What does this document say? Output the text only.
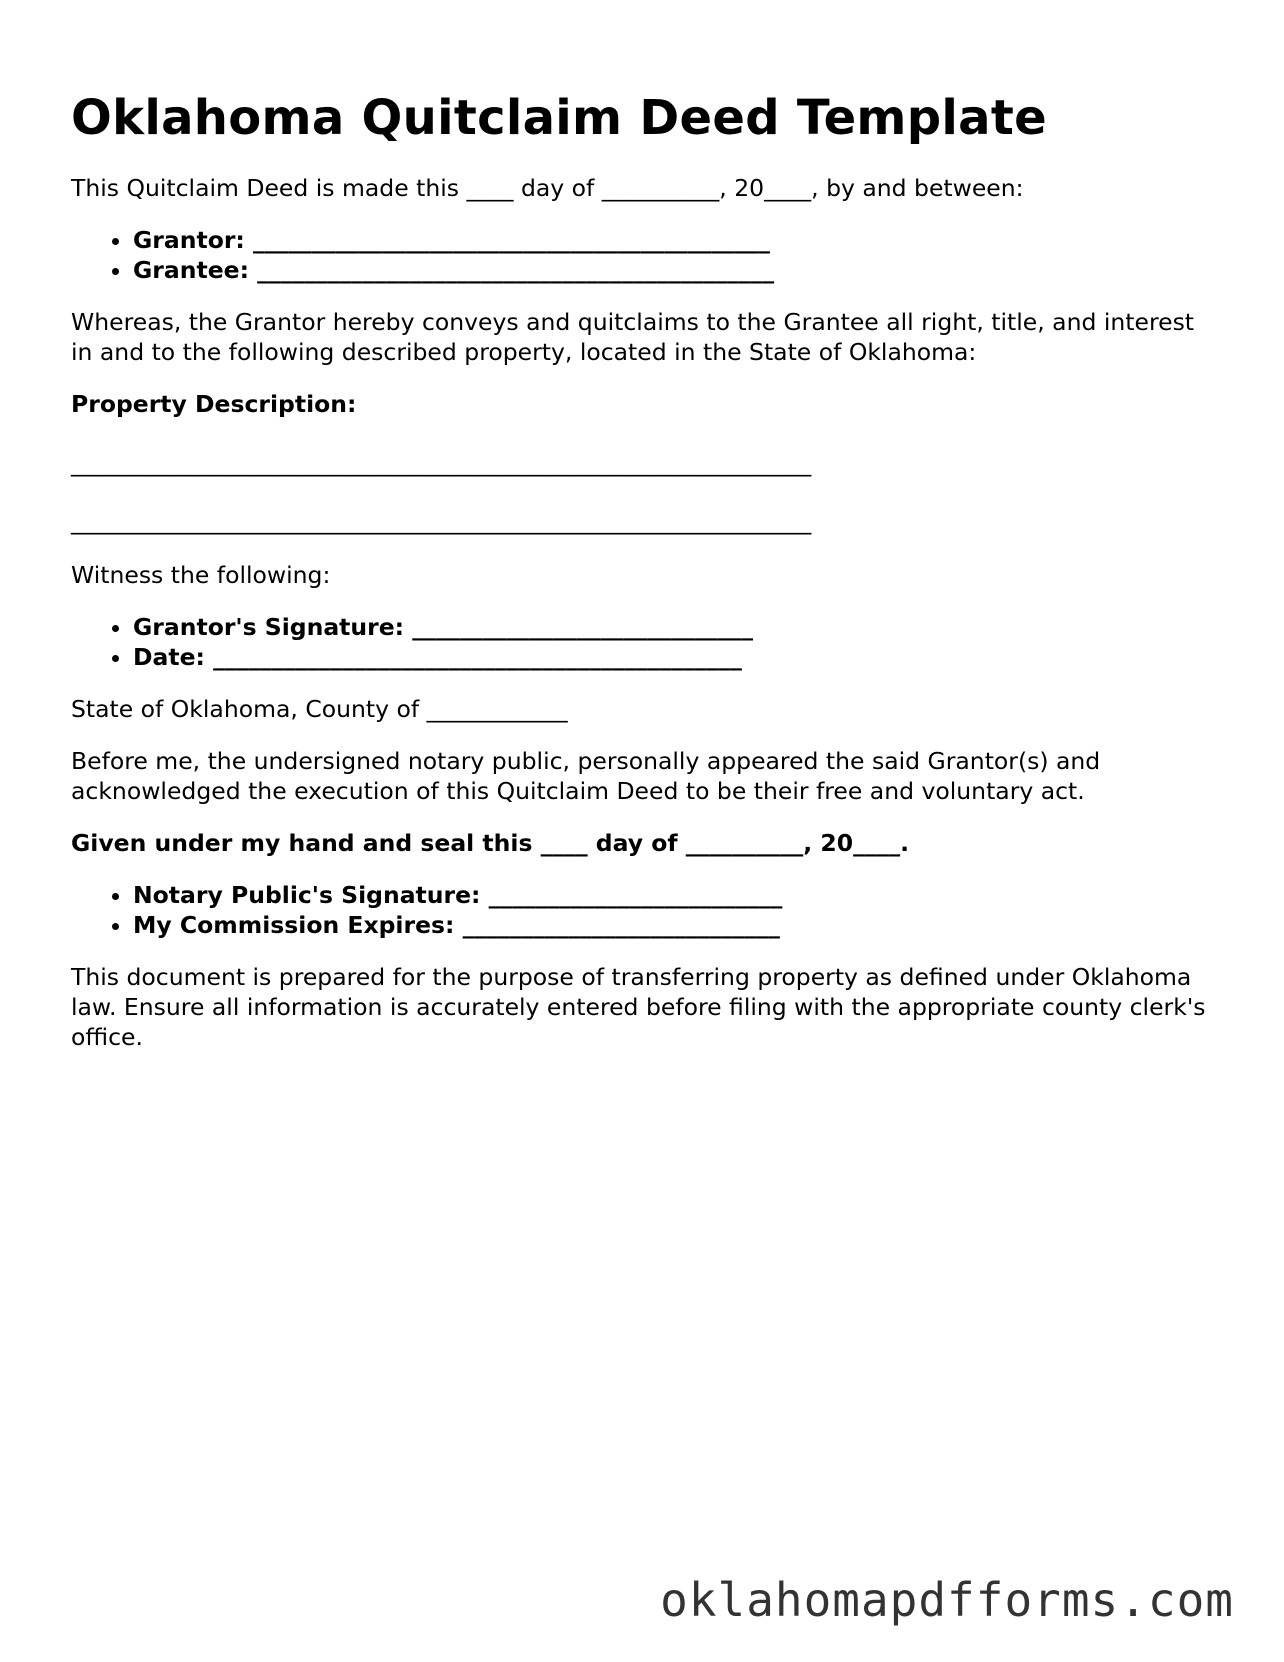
Oklahoma Quitclaim Deed Template

This Quitclaim Deed is made this ____ day of __________, 20____, by and between:

• Grantor: ____________________________________________
• Grantee: ____________________________________________

Whereas, the Grantor hereby conveys and quitclaims to the Grantee all right, title, and interest in and to the following described property, located in the State of Oklahoma:

Property Description:

_______________________________________________________________
_______________________________________________________________

Witness the following:

• Grantor's Signature: _____________________________
• Date: _____________________________________________

State of Oklahoma, County of ____________

Before me, the undersigned notary public, personally appeared the said Grantor(s) and acknowledged the execution of this Quitclaim Deed to be their free and voluntary act.

Given under my hand and seal this ____ day of __________, 20____.

• Notary Public's Signature: _________________________
• My Commission Expires: ___________________________

This document is prepared for the purpose of transferring property as defined under Oklahoma law. Ensure all information is accurately entered before filing with the appropriate county clerk's office.

oklahomapdfforms.com
